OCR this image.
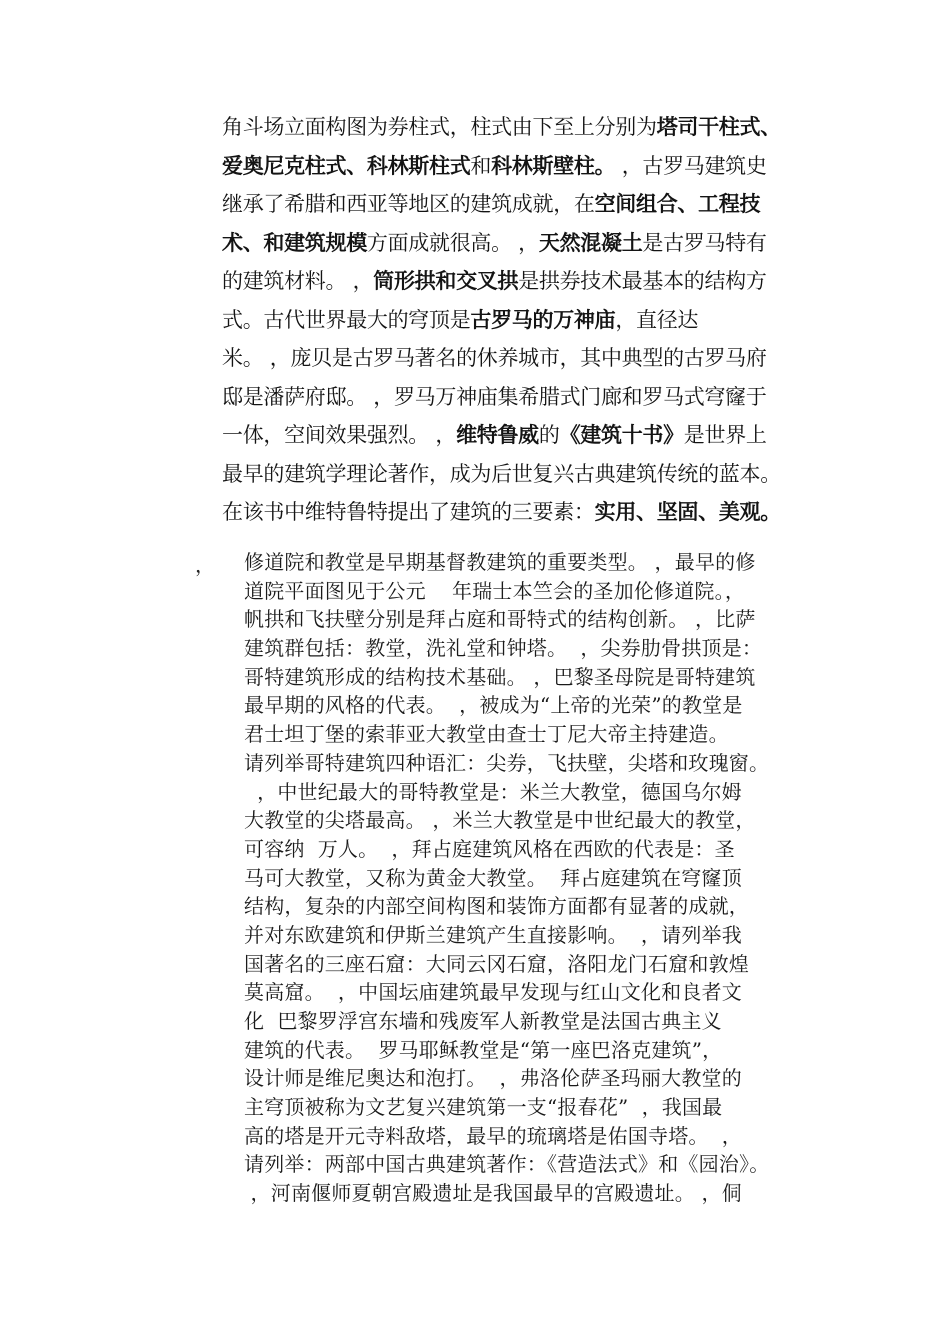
角斗场立面构图为券柱式，柱式由下至上分别为塔司干柱式、
爱奥尼克柱式、科林斯柱式和科林斯壁柱。 ，古罗马建筑史
继承了希腊和西亚等地区的建筑成就，在空间组合、工程技
术、和建筑规模方面成就很高。 ，天然混凝土是古罗马特有
的建筑材料。 ，筒形拱和交叉拱是拱券技术最基本的结构方
式。古代世界最大的穹顶是古罗马的万神庙，直径达
米。 ，庞贝是古罗马著名的休养城市，其中典型的古罗马府
邸是潘萨府邸。 ，罗马万神庙集希腊式门廊和罗马式穹窿于
一体，空间效果强烈。 ，维特鲁威的《建筑十书》是世界上
最早的建筑学理论著作，成为后世复兴古典建筑传统的蓝本。
在该书中维特鲁特提出了建筑的三要素：实用、坚固、美观。
， 修道院和教堂是早期基督教建筑的重要类型。 ，最早的修
道院平面图见于公元    年瑞士本竺会的圣加伦修道院。，
帆拱和飞扶壁分别是拜占庭和哥特式的结构创新。 ，比萨
建筑群包括：教堂，洗礼堂和钟塔。  ，尖券肋骨拱顶是：
哥特建筑形成的结构技术基础。 ，巴黎圣母院是哥特建筑
最早期的风格的代表。  ，被成为“上帝的光荣”的教堂是
君士坦丁堡的索菲亚大教堂由查士丁尼大帝主持建造。
请列举哥特建筑四种语汇：尖券，飞扶壁，尖塔和玫瑰窗。
，中世纪最大的哥特教堂是：米兰大教堂，德国乌尔姆
大教堂的尖塔最高。 ，米兰大教堂是中世纪最大的教堂，
可容纳  万人。  ，拜占庭建筑风格在西欧的代表是：圣
马可大教堂，又称为黄金大教堂。  拜占庭建筑在穹窿顶
结构，复杂的内部空间构图和装饰方面都有显著的成就，
并对东欧建筑和伊斯兰建筑产生直接影响。  ，请列举我
国著名的三座石窟：大同云冈石窟，洛阳龙门石窟和敦煌
莫高窟。  ，中国坛庙建筑最早发现与红山文化和良者文
化  巴黎罗浮宫东墙和残废军人新教堂是法国古典主义
建筑的代表。  罗马耶稣教堂是“第一座巴洛克建筑”，
设计师是维尼奥达和泡打。  ，弗洛伦萨圣玛丽大教堂的
主穹顶被称为文艺复兴建筑第一支“报春花”  ，我国最
高的塔是开元寺料敌塔，最早的琉璃塔是佑国寺塔。  ，
请列举：两部中国古典建筑著作：《营造法式》和《园治》。
，河南偃师夏朝宫殿遗址是我国最早的宫殿遗址。 ，侗
